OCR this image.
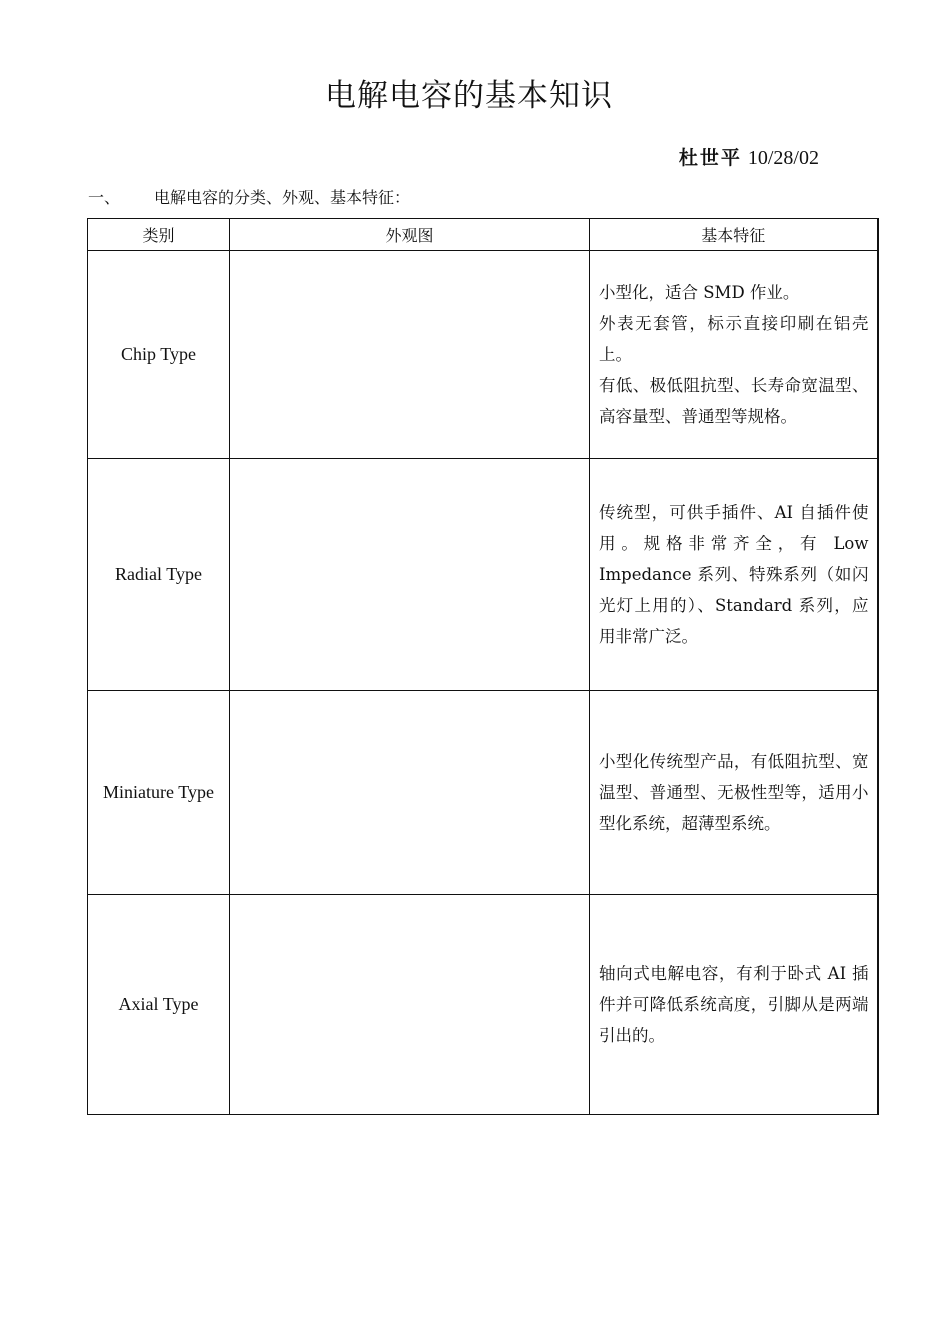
电解电容的基本知识
杜世平 10/28/02
一、 电解电容的分类、外观、基本特征：
类别	外观图	基本特征
Chip Type		小型化，适合 SMD 作业。
外表无套管，标示直接印刷在铝壳上。
有低、极低阻抗型、长寿命宽温型、高容量型、普通型等规格。

Radial Type		传统型，可供手插件、AI 自插件使用。规格非常齐全，有 Low Impedance 系列、特殊系列（如闪光灯上用的）、Standard 系列，应用非常广泛。

Miniature Type		小型化传统型产品，有低阻抗型、宽温型、普通型、无极性型等，适用小型化系统，超薄型系统。

Axial Type		轴向式电解电容，有利于卧式 AI 插件并可降低系统高度，引脚从是两端引出的。
